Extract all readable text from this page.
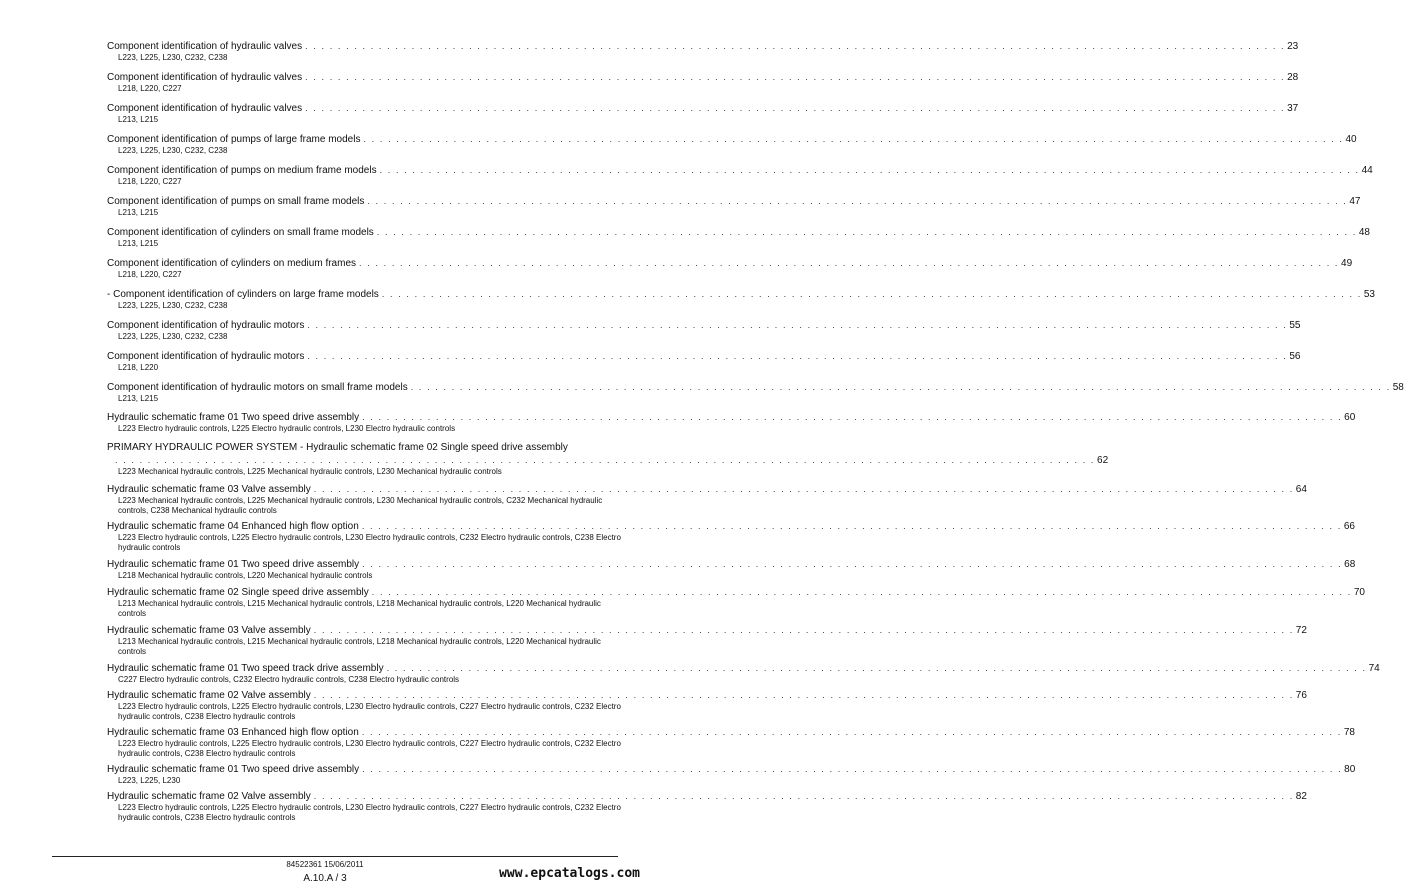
Component identification of hydraulic valves . . . . . . . . . . . . . . . . . . . . . . . . . . . . . . . . . . . . . . . . . . . . . . . . . . . . . . . . . . . . . . . . . . . . . . . . . . . . . . . . . . . . . . . . . . . . . . . . . . . . . . . . . . . . . . . . . . . . . . . . 23
L223, L225, L230, C232, C238
Component identification of hydraulic valves . . . . . . . . . . . . . . . . . . . . . . . . . . . . . . . . . . . . . . . . . . . . . . . . . . . . . . . . . . . . . . . . . . . . . . . . . . . . . . . . . . . . . . . . . . . . . . . . . . . . . . . . . . . . . . . . . . . . . . . . 28
L218, L220, C227
Component identification of hydraulic valves . . . . . . . . . . . . . . . . . . . . . . . . . . . . . . . . . . . . . . . . . . . . . . . . . . . . . . . . . . . . . . . . . . . . . . . . . . . . . . . . . . . . . . . . . . . . . . . . . . . . . . . . . . . . . . . . . . . . . . . . 37
L213, L215
Component identification of pumps of large frame models . . . . . . . . . . . . . . . . . . . . . . . . . . . . . . . . . . . . . . . . . . . . . . . . . . . . . . . . . . . . . . . . . . . . . . . . . . . . . . . . . . . . . . . . . . . . . . . . . . . . . . . . . . . . . . . . . . . . . . . . 40
L223, L225, L230, C232, C238
Component identification of pumps on medium frame models . . . . . . . . . . . . . . . . . . . . . . . . . . . . . . . . . . . . . . . . . . . . . . . . . . . . . . . . . . . . . . . . . . . . . . . . . . . . . . . . . . . . . . . . . . . . . . . . . . . . . . . . . . . . . . . . . . . . . . . . 44
L218, L220, C227
Component identification of pumps on small frame models . . . . . . . . . . . . . . . . . . . . . . . . . . . . . . . . . . . . . . . . . . . . . . . . . . . . . . . . . . . . . . . . . . . . . . . . . . . . . . . . . . . . . . . . . . . . . . . . . . . . . . . . . . . . . . . . . . . . . . . . 47
L213, L215
Component identification of cylinders on small frame models . . . . . . . . . . . . . . . . . . . . . . . . . . . . . . . . . . . . . . . . . . . . . . . . . . . . . . . . . . . . . . . . . . . . . . . . . . . . . . . . . . . . . . . . . . . . . . . . . . . . . . . . . . . . . . . . . . . . . . . . 48
L213, L215
Component identification of cylinders on medium frames . . . . . . . . . . . . . . . . . . . . . . . . . . . . . . . . . . . . . . . . . . . . . . . . . . . . . . . . . . . . . . . . . . . . . . . . . . . . . . . . . . . . . . . . . . . . . . . . . . . . . . . . . . . . . . . . . . . . . . . . 49
L218, L220, C227
- Component identification of cylinders on large frame models . . . . . . . . . . . . . . . . . . . . . . . . . . . . . . . . . . . . . . . . . . . . . . . . . . . . . . . . . . . . . . . . . . . . . . . . . . . . . . . . . . . . . . . . . . . . . . . . . . . . . . . . . . . . . . . . . . . . . . . . 53
L223, L225, L230, C232, C238
Component identification of hydraulic motors . . . . . . . . . . . . . . . . . . . . . . . . . . . . . . . . . . . . . . . . . . . . . . . . . . . . . . . . . . . . . . . . . . . . . . . . . . . . . . . . . . . . . . . . . . . . . . . . . . . . . . . . . . . . . . . . . . . . . . . . 55
L223, L225, L230, C232, C238
Component identification of hydraulic motors . . . . . . . . . . . . . . . . . . . . . . . . . . . . . . . . . . . . . . . . . . . . . . . . . . . . . . . . . . . . . . . . . . . . . . . . . . . . . . . . . . . . . . . . . . . . . . . . . . . . . . . . . . . . . . . . . . . . . . . . 56
L218, L220
Component identification of hydraulic motors on small frame models . . . . . . . . . . . . . . . . . . . . . . . . . . . . . . . . . . . . . . . . . . . . . . . . . . . . . . . . . . . . . . . . . . . . . . . . . . . . . . . . . . . . . . . . . . . . . . . . . . . . . . . . . . . . . . . . . . . . . . . . 58
L213, L215
Hydraulic schematic frame 01 Two speed drive assembly . . . . . . . . . . . . . . . . . . . . . . . . . . . . . . . . . . . . . . . . . . . . . . . . . . . . . . . . . . . . . . . . . . . . . . . . . . . . . . . . . . . . . . . . . . . . . . . . . . . . . . . . . . . . . . . . . . . . . . . . 60
L223 Electro hydraulic controls, L225 Electro hydraulic controls, L230 Electro hydraulic controls
PRIMARY HYDRAULIC POWER SYSTEM - Hydraulic schematic frame 02 Single speed drive assembly
. . . . . . . . . . . . . . . . . . . . . . . . . . . . . . . . . . . . . . . . . . . . . . . . . . . . . . . . . . . . . . . . . . . . . . . . . . . . . . . . . . . . . . . . . . . . . . . . . . . . . . . . . . . . . . . . . . . . . . . . 62
L223 Mechanical hydraulic controls, L225 Mechanical hydraulic controls, L230 Mechanical hydraulic controls
Hydraulic schematic frame 03 Valve assembly . . . . . . . . . . . . . . . . . . . . . . . . . . . . . . . . . . . . . . . . . . . . . . . . . . . . . . . . . . . . . . . . . . . . . . . . . . . . . . . . . . . . . . . . . . . . . . . . . . . . . . . . . . . . . . . . . . . . . . . . 64
L223 Mechanical hydraulic controls, L225 Mechanical hydraulic controls, L230 Mechanical hydraulic controls, C232 Mechanical hydraulic controls, C238 Mechanical hydraulic controls
Hydraulic schematic frame 04 Enhanced high flow option . . . . . . . . . . . . . . . . . . . . . . . . . . . . . . . . . . . . . . . . . . . . . . . . . . . . . . . . . . . . . . . . . . . . . . . . . . . . . . . . . . . . . . . . . . . . . . . . . . . . . . . . . . . . . . . . . . . . . . . . 66
L223 Electro hydraulic controls, L225 Electro hydraulic controls, L230 Electro hydraulic controls, C232 Electro hydraulic controls, C238 Electro hydraulic controls
Hydraulic schematic frame 01 Two speed drive assembly . . . . . . . . . . . . . . . . . . . . . . . . . . . . . . . . . . . . . . . . . . . . . . . . . . . . . . . . . . . . . . . . . . . . . . . . . . . . . . . . . . . . . . . . . . . . . . . . . . . . . . . . . . . . . . . . . . . . . . . . 68
L218 Mechanical hydraulic controls, L220 Mechanical hydraulic controls
Hydraulic schematic frame 02 Single speed drive assembly . . . . . . . . . . . . . . . . . . . . . . . . . . . . . . . . . . . . . . . . . . . . . . . . . . . . . . . . . . . . . . . . . . . . . . . . . . . . . . . . . . . . . . . . . . . . . . . . . . . . . . . . . . . . . . . . . . . . . . . . 70
L213 Mechanical hydraulic controls, L215 Mechanical hydraulic controls, L218 Mechanical hydraulic controls, L220 Mechanical hydraulic controls
Hydraulic schematic frame 03 Valve assembly . . . . . . . . . . . . . . . . . . . . . . . . . . . . . . . . . . . . . . . . . . . . . . . . . . . . . . . . . . . . . . . . . . . . . . . . . . . . . . . . . . . . . . . . . . . . . . . . . . . . . . . . . . . . . . . . . . . . . . . . 72
L213 Mechanical hydraulic controls, L215 Mechanical hydraulic controls, L218 Mechanical hydraulic controls, L220 Mechanical hydraulic controls
Hydraulic schematic frame 01 Two speed track drive assembly . . . . . . . . . . . . . . . . . . . . . . . . . . . . . . . . . . . . . . . . . . . . . . . . . . . . . . . . . . . . . . . . . . . . . . . . . . . . . . . . . . . . . . . . . . . . . . . . . . . . . . . . . . . . . . . . . . . . . . . . 74
C227 Electro hydraulic controls, C232 Electro hydraulic controls, C238 Electro hydraulic controls
Hydraulic schematic frame 02 Valve assembly . . . . . . . . . . . . . . . . . . . . . . . . . . . . . . . . . . . . . . . . . . . . . . . . . . . . . . . . . . . . . . . . . . . . . . . . . . . . . . . . . . . . . . . . . . . . . . . . . . . . . . . . . . . . . . . . . . . . . . . . 76
L223 Electro hydraulic controls, L225 Electro hydraulic controls, L230 Electro hydraulic controls, C227 Electro hydraulic controls, C232 Electro hydraulic controls, C238 Electro hydraulic controls
Hydraulic schematic frame 03 Enhanced high flow option . . . . . . . . . . . . . . . . . . . . . . . . . . . . . . . . . . . . . . . . . . . . . . . . . . . . . . . . . . . . . . . . . . . . . . . . . . . . . . . . . . . . . . . . . . . . . . . . . . . . . . . . . . . . . . . . . . . . . . . . 78
L223 Electro hydraulic controls, L225 Electro hydraulic controls, L230 Electro hydraulic controls, C227 Electro hydraulic controls, C232 Electro hydraulic controls, C238 Electro hydraulic controls
Hydraulic schematic frame 01 Two speed drive assembly . . . . . . . . . . . . . . . . . . . . . . . . . . . . . . . . . . . . . . . . . . . . . . . . . . . . . . . . . . . . . . . . . . . . . . . . . . . . . . . . . . . . . . . . . . . . . . . . . . . . . . . . . . . . . . . . . . . . . . . . 80
L223, L225, L230
Hydraulic schematic frame 02 Valve assembly . . . . . . . . . . . . . . . . . . . . . . . . . . . . . . . . . . . . . . . . . . . . . . . . . . . . . . . . . . . . . . . . . . . . . . . . . . . . . . . . . . . . . . . . . . . . . . . . . . . . . . . . . . . . . . . . . . . . . . . . 82
L223 Electro hydraulic controls, L225 Electro hydraulic controls, L230 Electro hydraulic controls, C227 Electro hydraulic controls, C232 Electro hydraulic controls, C238 Electro hydraulic controls
84522361 15/06/2011
A.10.A / 3	www.epcatalogs.com
